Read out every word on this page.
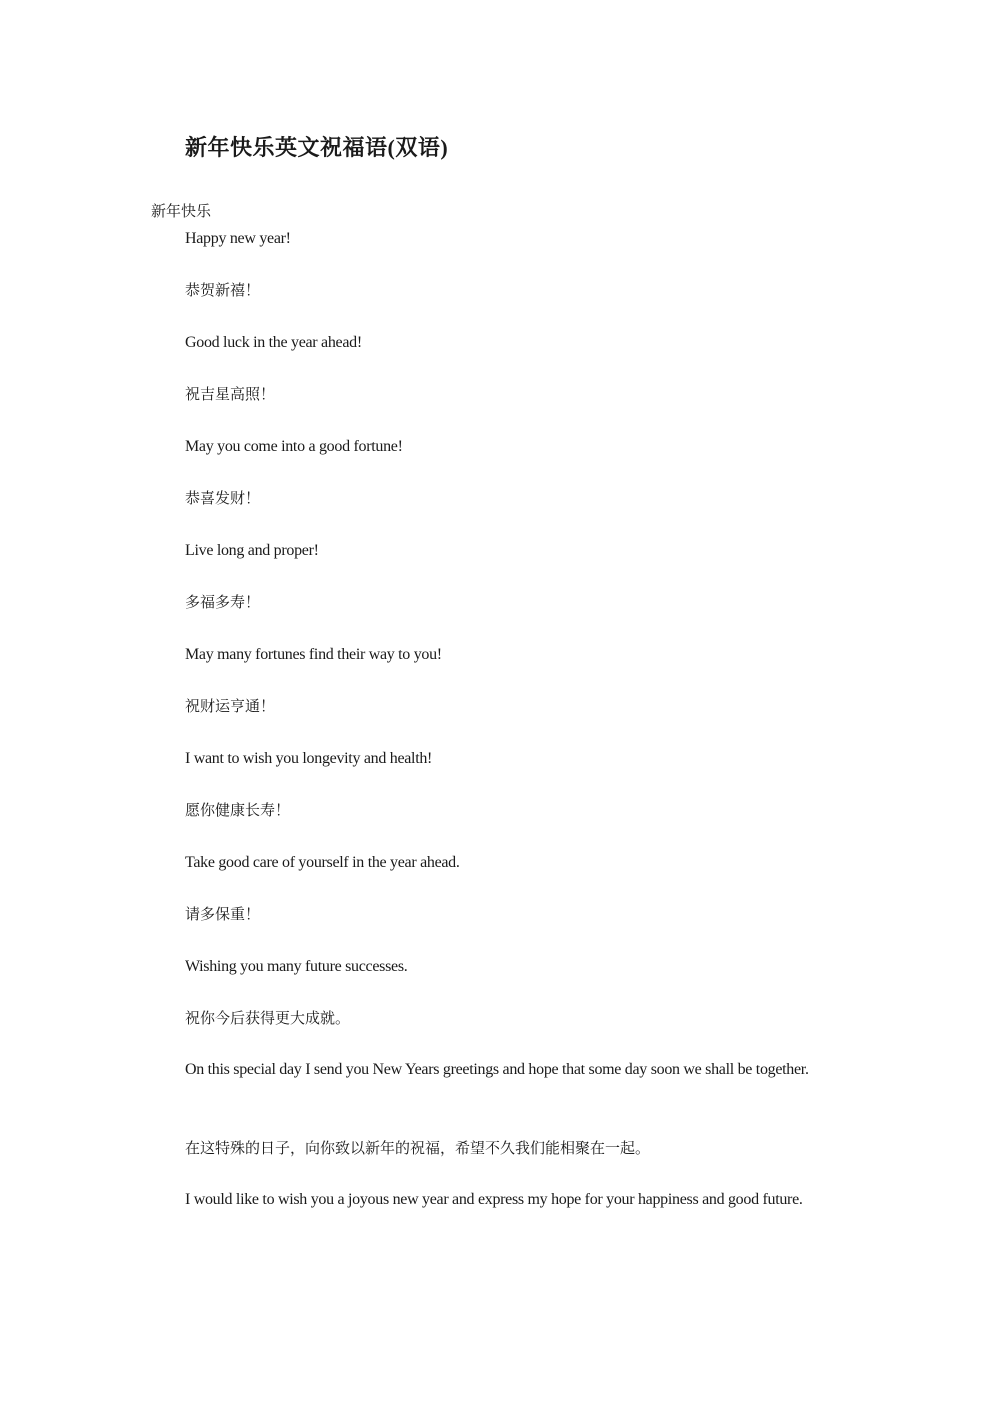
新年快乐英文祝福语(双语)
新年快乐
Happy new year!
恭贺新禧！
Good luck in the year ahead!
祝吉星高照！
May you come into a good fortune!
恭喜发财！
Live long and proper!
多福多寿！
May many fortunes find their way to you!
祝财运亨通！
I want to wish you longevity and health!
愿你健康长寿！
Take good care of yourself in the year ahead.
请多保重！
Wishing you many future successes.
祝你今后获得更大成就。
On this special day I send you New Years greetings and hope that some day soon we shall be together.
在这特殊的日子，向你致以新年的祝福，希望不久我们能相聚在一起。
I would like to wish you a joyous new year and express my hope for your happiness and good future.
